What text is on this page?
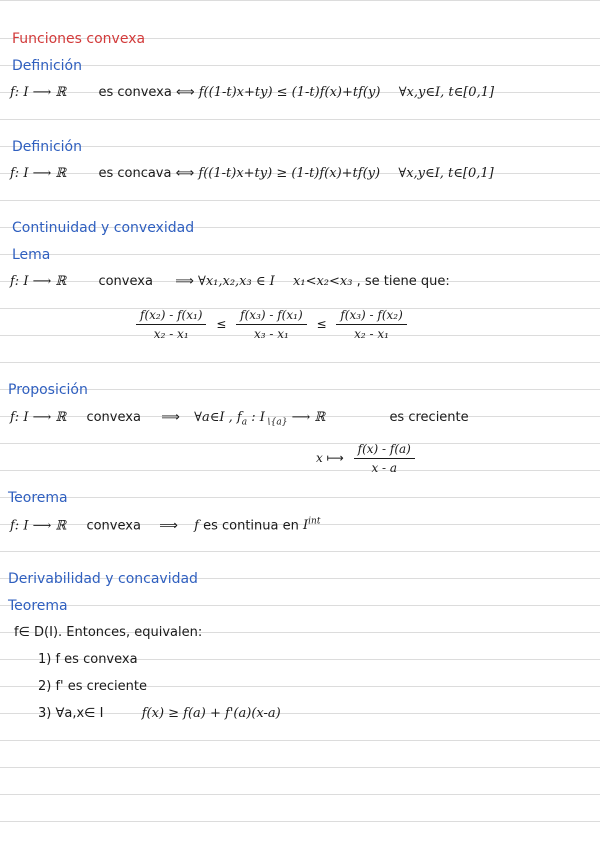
Funciones convexa
Definición
f: I ⟶ ℝ es convexa ⟺ f((1-t)x+ty) ≤ (1-t)f(x)+tf(y) ∀x,y∈I, t∈[0,1]
Definición
f: I ⟶ ℝ es concava ⟺ f((1-t)x+ty) ≥ (1-t)f(x)+tf(y) ∀x,y∈I, t∈[0,1]
Continuidad y convexidad
Lema
f: I ⟶ ℝ convexa ⟹ ∀x₁,x₂,x₃ ∈ I x₁<x₂<x₃ , se tiene que:
$\frac{\text{f(x₂) - f(x₁)}}{\text{x₂ - x₁}} \le \frac{\text{f(x₃) - f(x₁)}}{\text{x₃ - x₁}} \le \frac{\text{f(x₃) - f(x₂)}}{\text{x₂ - x₁}}$
Proposición
f: I ⟶ ℝ convexa ⟹ ∀a∈I , $f_a$ : $I_{∖\{a\}}$ ⟶ ℝ	es creciente
x ⟼ $\frac{f(x) - f(a)}{x - a}$
Teorema
f: I ⟶ ℝ convexa ⟹ f es continua en $I^{int}$
Derivabilidad y concavidad
Teorema
f∈ D(I). Entonces, equivalen:
1) f es convexa
2) f' es creciente
3) ∀a,x∈ I	f(x) ≥ f(a) + f'(a)(x-a)
